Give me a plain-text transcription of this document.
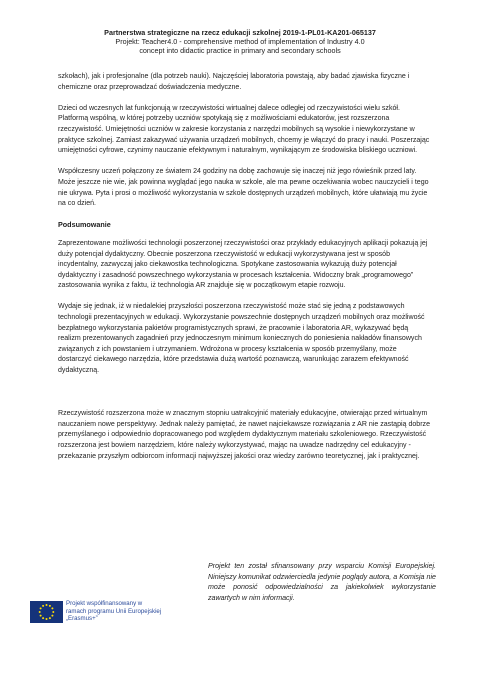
Partnerstwa strategiczne na rzecz edukacji szkolnej 2019-1-PL01-KA201-065137
Projekt: Teacher4.0 - comprehensive method of implementation of Industry 4.0
concept into didactic practice in primary and secondary schools

szkołach), jak i profesjonalne (dla potrzeb nauki). Najczęściej laboratoria powstają, aby badać zjawiska fizyczne i chemiczne oraz przeprowadzać doświadczenia medyczne.

Dzieci od wczesnych lat funkcjonują w rzeczywistości wirtualnej dalece odległej od rzeczywistości wielu szkół. Platformą wspólną, w której potrzeby uczniów spotykają się z możliwościami edukatorów, jest rozszerzona rzeczywistość. Umiejętności uczniów w zakresie korzystania z narzędzi mobilnych są wysokie i niewykorzystane w praktyce szkolnej. Zamiast zakazywać używania urządzeń mobilnych, chcemy je włączyć do pracy i nauki. Poszerzając umiejętności cyfrowe, czynimy nauczanie efektywnym i naturalnym, wynikającym ze środowiska bliskiego uczniowi.

Współczesny uczeń połączony ze światem 24 godziny na dobę zachowuje się inaczej niż jego rówieśnik przed laty. Może jeszcze nie wie, jak powinna wyglądać jego nauka w szkole, ale ma pewne oczekiwania wobec nauczycieli i tego nie ukrywa. Pyta i prosi o możliwość wykorzystania w szkole dostępnych urządzeń mobilnych, które ułatwiają mu życie na co dzień.

Podsumowanie

Zaprezentowane możliwości technologii poszerzonej rzeczywistości oraz przykłady edukacyjnych aplikacji pokazują jej duży potencjał dydaktyczny. Obecnie poszerzona rzeczywistość w edukacji wykorzystywana jest w sposób incydentalny, zazwyczaj jako ciekawostka technologiczna. Spotykane zastosowania wykazują duży potencjał dydaktyczny i zasadność powszechnego wykorzystania w procesach kształcenia. Widoczny brak „programowego” zastosowania wynika z faktu, iż technologia AR znajduje się w początkowym etapie rozwoju.

Wydaje się jednak, iż w niedalekiej przyszłości poszerzona rzeczywistość może stać się jedną z podstawowych technologii prezentacyjnych w edukacji. Wykorzystanie powszechnie dostępnych urządzeń mobilnych oraz możliwość bezpłatnego wykorzystania pakietów programistycznych sprawi, że pracownie i laboratoria AR, wykazywać będą realizm prezentowanych zagadnień przy jednoczesnym minimum koniecznych do poniesienia nakładów finansowych związanych z ich powstaniem i utrzymaniem. Wdrożona w procesy kształcenia w sposób przemyślany, może dostarczyć ciekawego narzędzia, które przedstawia dużą wartość poznawczą, warunkując zarazem efektywność dydaktyczną.

Rzeczywistość rozszerzona może w znacznym stopniu uatrakcyjnić materiały edukacyjne, otwierając przed wirtualnym nauczaniem nowe perspektywy. Jednak należy pamiętać, że nawet najciekawsze rozwiązania z AR nie zastąpią dobrze przemyślanego i odpowiednio dopracowanego pod względem dydaktycznym materiału szkoleniowego. Rzeczywistość rozszerzona jest bowiem narzędziem, które należy wykorzystywać, mając na uwadze nadrzędny cel edukacyjny - przekazanie przyszłym odbiorcom informacji najwyższej jakości oraz wiedzy zarówno teoretycznej, jak i praktycznej.

Projekt współfinansowany w
ramach programu Unii Europejskiej
„Erasmus+”
Projekt ten został sfinansowany przy wsparciu Komisji Europejskiej. Niniejszy komunikat odzwierciedla jedynie poglądy autora, a Komisja nie może ponosić odpowiedzialności za jakiekolwiek wykorzystanie zawartych w nim informacji.
